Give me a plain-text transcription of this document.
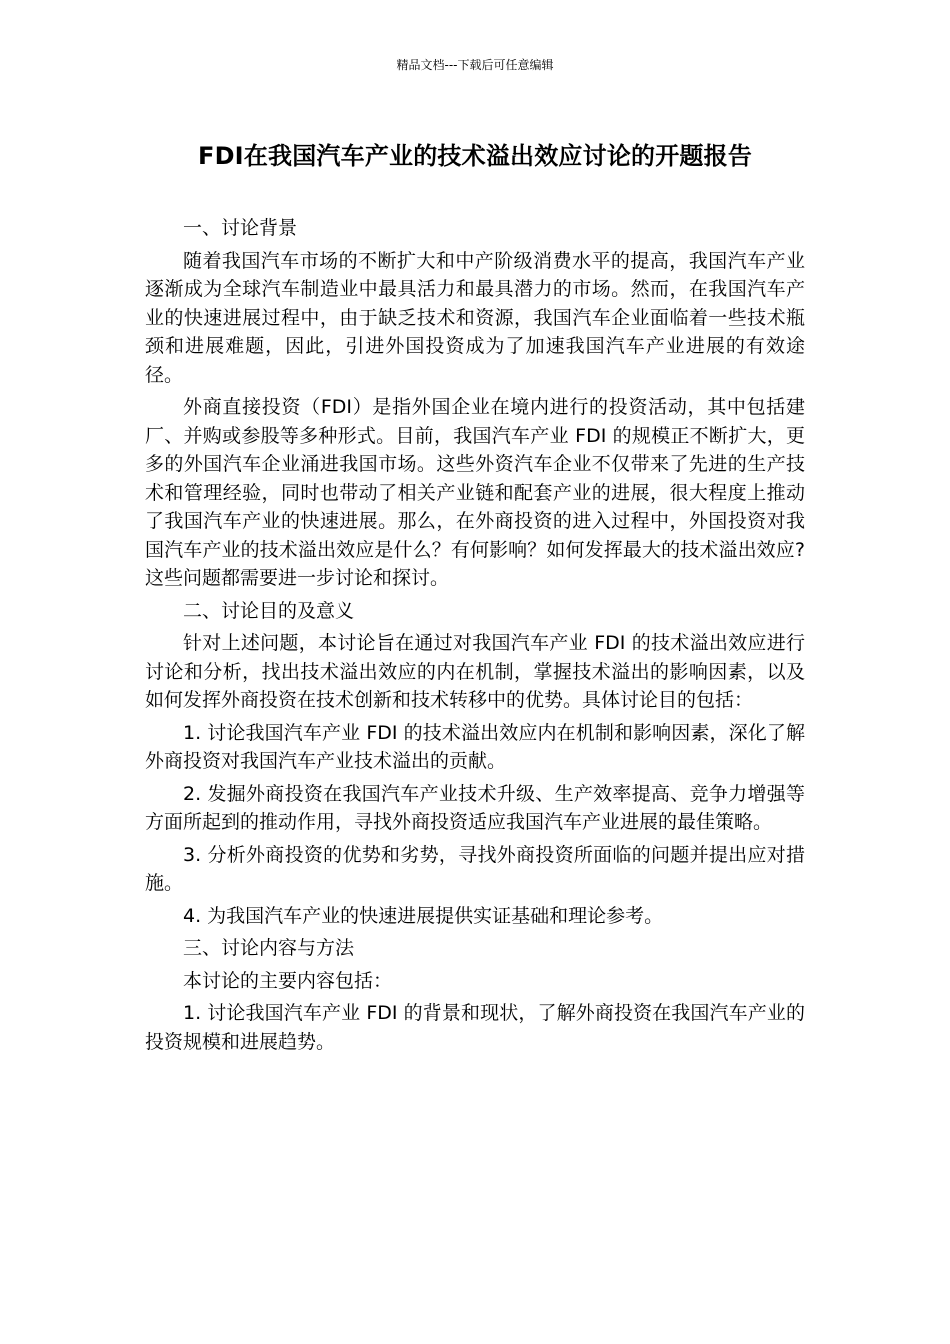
精品文档---下载后可任意编辑
FDI在我国汽车产业的技术溢出效应讨论的开题报告

一、讨论背景

随着我国汽车市场的不断扩大和中产阶级消费水平的提高，我国汽车产业逐渐成为全球汽车制造业中最具活力和最具潜力的市场。然而，在我国汽车产业的快速进展过程中，由于缺乏技术和资源，我国汽车企业面临着一些技术瓶颈和进展难题，因此，引进外国投资成为了加速我国汽车产业进展的有效途径。

外商直接投资（FDI）是指外国企业在境内进行的投资活动，其中包括建厂、并购或参股等多种形式。目前，我国汽车产业 FDI 的规模正不断扩大，更多的外国汽车企业涌进我国市场。这些外资汽车企业不仅带来了先进的生产技术和管理经验，同时也带动了相关产业链和配套产业的进展，很大程度上推动了我国汽车产业的快速进展。那么，在外商投资的进入过程中，外国投资对我国汽车产业的技术溢出效应是什么？有何影响？如何发挥最大的技术溢出效应?这些问题都需要进一步讨论和探讨。

二、讨论目的及意义

针对上述问题，本讨论旨在通过对我国汽车产业 FDI 的技术溢出效应进行讨论和分析，找出技术溢出效应的内在机制，掌握技术溢出的影响因素，以及如何发挥外商投资在技术创新和技术转移中的优势。具体讨论目的包括：

1. 讨论我国汽车产业 FDI 的技术溢出效应内在机制和影响因素，深化了解外商投资对我国汽车产业技术溢出的贡献。

2. 发掘外商投资在我国汽车产业技术升级、生产效率提高、竞争力增强等方面所起到的推动作用，寻找外商投资适应我国汽车产业进展的最佳策略。

3. 分析外商投资的优势和劣势，寻找外商投资所面临的问题并提出应对措施。

4. 为我国汽车产业的快速进展提供实证基础和理论参考。

三、讨论内容与方法

本讨论的主要内容包括：

1. 讨论我国汽车产业 FDI 的背景和现状，了解外商投资在我国汽车产业的投资规模和进展趋势。
